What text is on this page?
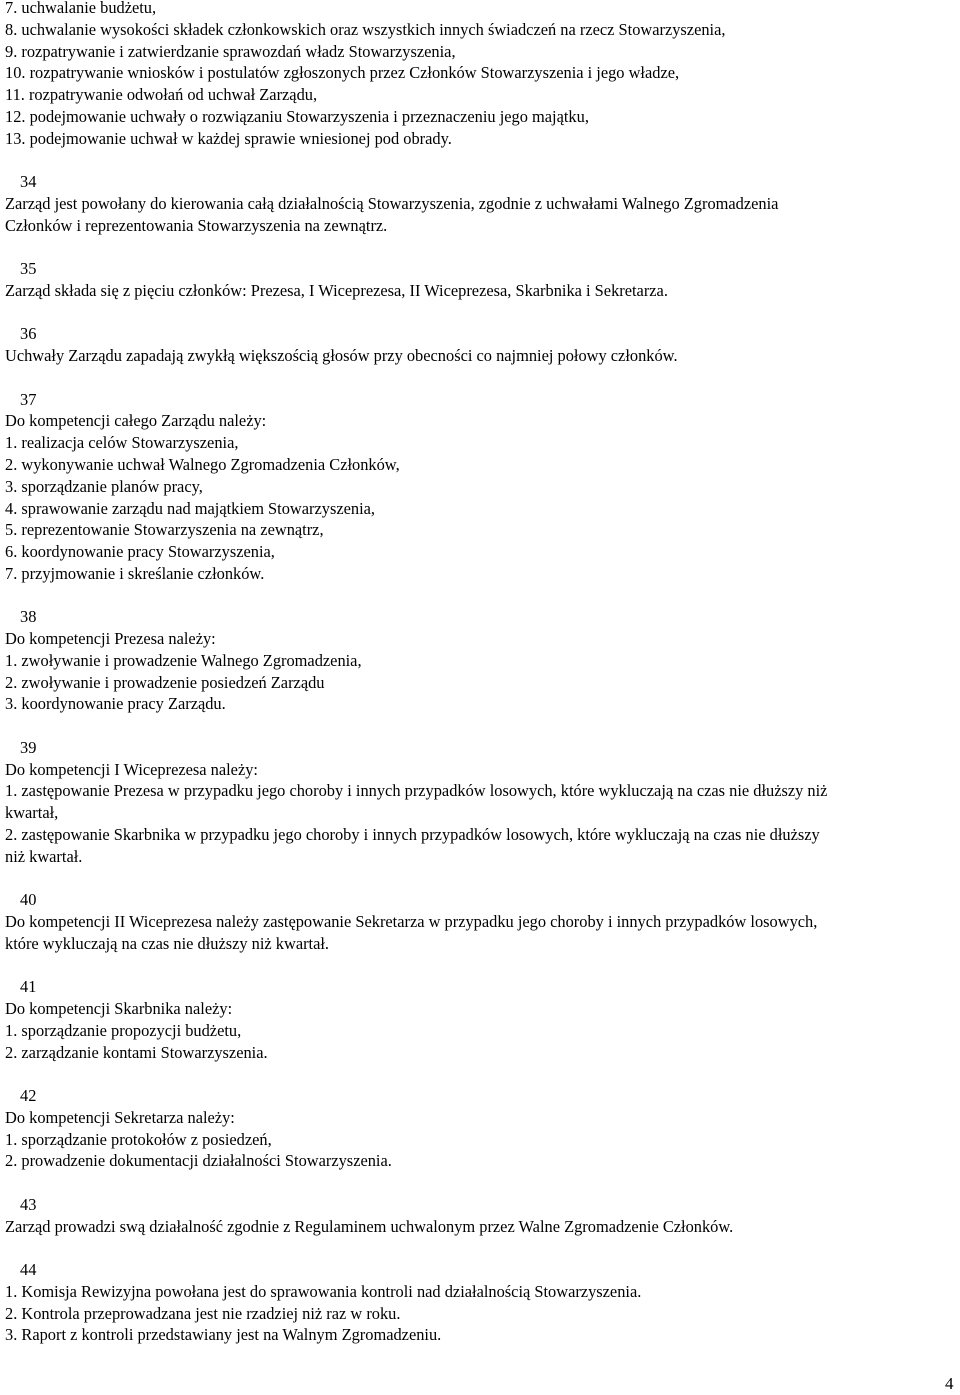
7. uchwalanie budżetu,
8. uchwalanie wysokości składek członkowskich oraz wszystkich innych świadczeń na rzecz Stowarzyszenia,
9. rozpatrywanie i zatwierdzanie sprawozdań władz Stowarzyszenia,
10. rozpatrywanie wniosków i postulatów zgłoszonych przez Członków Stowarzyszenia i jego władze,
11. rozpatrywanie odwołań od uchwał Zarządu,
12. podejmowanie uchwały o rozwiązaniu Stowarzyszenia i przeznaczeniu jego majątku,
13. podejmowanie uchwał w każdej sprawie wniesionej pod obrady.
34
Zarząd jest powołany do kierowania całą działalnością Stowarzyszenia, zgodnie z uchwałami Walnego Zgromadzenia
Członków i reprezentowania Stowarzyszenia na zewnątrz.
35
Zarząd składa się z pięciu członków: Prezesa, I Wiceprezesa, II Wiceprezesa, Skarbnika i Sekretarza.
36
Uchwały Zarządu zapadają zwykłą większością głosów przy obecności co najmniej połowy członków.
37
Do kompetencji całego Zarządu należy:
1. realizacja celów Stowarzyszenia,
2. wykonywanie uchwał Walnego Zgromadzenia Członków,
3. sporządzanie planów pracy,
4. sprawowanie zarządu nad majątkiem Stowarzyszenia,
5. reprezentowanie Stowarzyszenia na zewnątrz,
6. koordynowanie pracy Stowarzyszenia,
7. przyjmowanie i skreślanie członków.
38
Do kompetencji Prezesa należy:
1. zwoływanie i prowadzenie Walnego Zgromadzenia,
2. zwoływanie i prowadzenie posiedzeń Zarządu
3. koordynowanie pracy Zarządu.
39
Do kompetencji I Wiceprezesa należy:
1. zastępowanie Prezesa w przypadku jego choroby i innych przypadków losowych, które wykluczają na czas nie dłuższy niż
kwartał,
2. zastępowanie Skarbnika w przypadku jego choroby i innych przypadków losowych, które wykluczają na czas nie dłuższy
niż kwartał.
40
Do kompetencji II Wiceprezesa należy zastępowanie Sekretarza w przypadku jego choroby i innych przypadków losowych,
które wykluczają na czas nie dłuższy niż kwartał.
41
Do kompetencji Skarbnika należy:
1. sporządzanie propozycji budżetu,
2. zarządzanie kontami Stowarzyszenia.
42
Do kompetencji Sekretarza należy:
1. sporządzanie protokołów z posiedzeń,
2. prowadzenie dokumentacji działalności Stowarzyszenia.
43
Zarząd prowadzi swą działalność zgodnie z Regulaminem uchwalonym przez Walne Zgromadzenie Członków.
44
1. Komisja Rewizyjna powołana jest do sprawowania kontroli nad działalnością Stowarzyszenia.
2. Kontrola przeprowadzana jest nie rzadziej niż raz w roku.
3. Raport z kontroli przedstawiany jest na Walnym Zgromadzeniu.
4
